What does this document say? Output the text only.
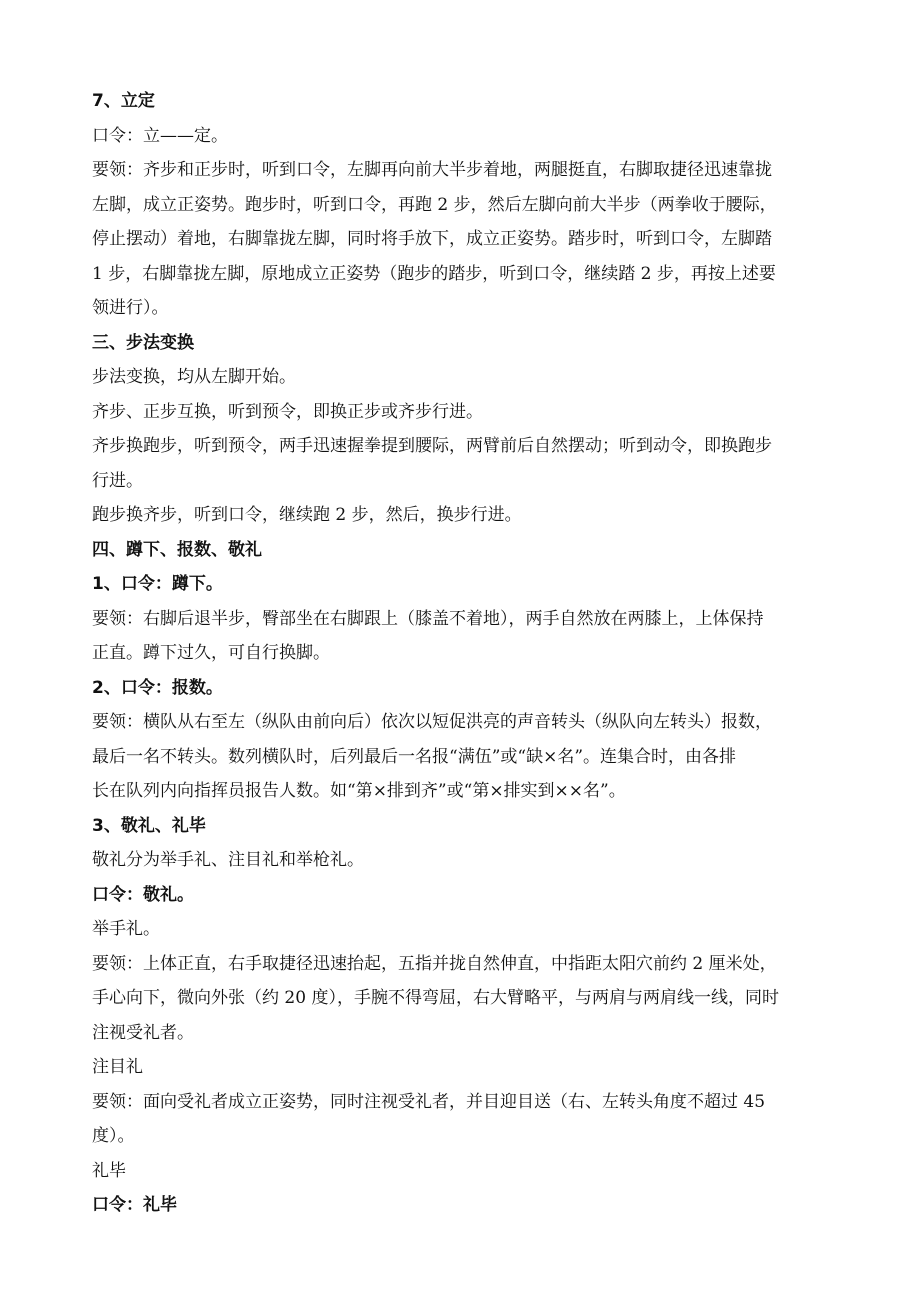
7、立定

口令：立——定。

要领：齐步和正步时，听到口令，左脚再向前大半步着地，两腿挺直，右脚取捷径迅速靠拢

左脚，成立正姿势。跑步时，听到口令，再跑 2 步，然后左脚向前大半步（两拳收于腰际，

停止摆动）着地，右脚靠拢左脚，同时将手放下，成立正姿势。踏步时，听到口令，左脚踏

1 步，右脚靠拢左脚，原地成立正姿势（跑步的踏步，听到口令，继续踏 2 步，再按上述要

领进行）。

三、步法变换

步法变换，均从左脚开始。

齐步、正步互换，听到预令，即换正步或齐步行进。

齐步换跑步，听到预令，两手迅速握拳提到腰际，两臂前后自然摆动；听到动令，即换跑步

行进。

跑步换齐步，听到口令，继续跑 2 步，然后，换步行进。

四、蹲下、报数、敬礼

1、口令：蹲下。

要领：右脚后退半步，臀部坐在右脚跟上（膝盖不着地），两手自然放在两膝上，上体保持

正直。蹲下过久，可自行换脚。

2、口令：报数。

要领：横队从右至左（纵队由前向后）依次以短促洪亮的声音转头（纵队向左转头）报数，

最后一名不转头。数列横队时，后列最后一名报“满伍”或“缺×名”。连集合时，由各排

长在队列内向指挥员报告人数。如“第×排到齐”或“第×排实到××名”。

3、敬礼、礼毕

敬礼分为举手礼、注目礼和举枪礼。

口令：敬礼。

举手礼。

要领：上体正直，右手取捷径迅速抬起，五指并拢自然伸直，中指距太阳穴前约 2 厘米处，

手心向下，微向外张（约 20 度），手腕不得弯屈，右大臂略平，与两肩与两肩线一线，同时

注视受礼者。

注目礼

要领：面向受礼者成立正姿势，同时注视受礼者，并目迎目送（右、左转头角度不超过 45

度）。

礼毕

口令：礼毕
